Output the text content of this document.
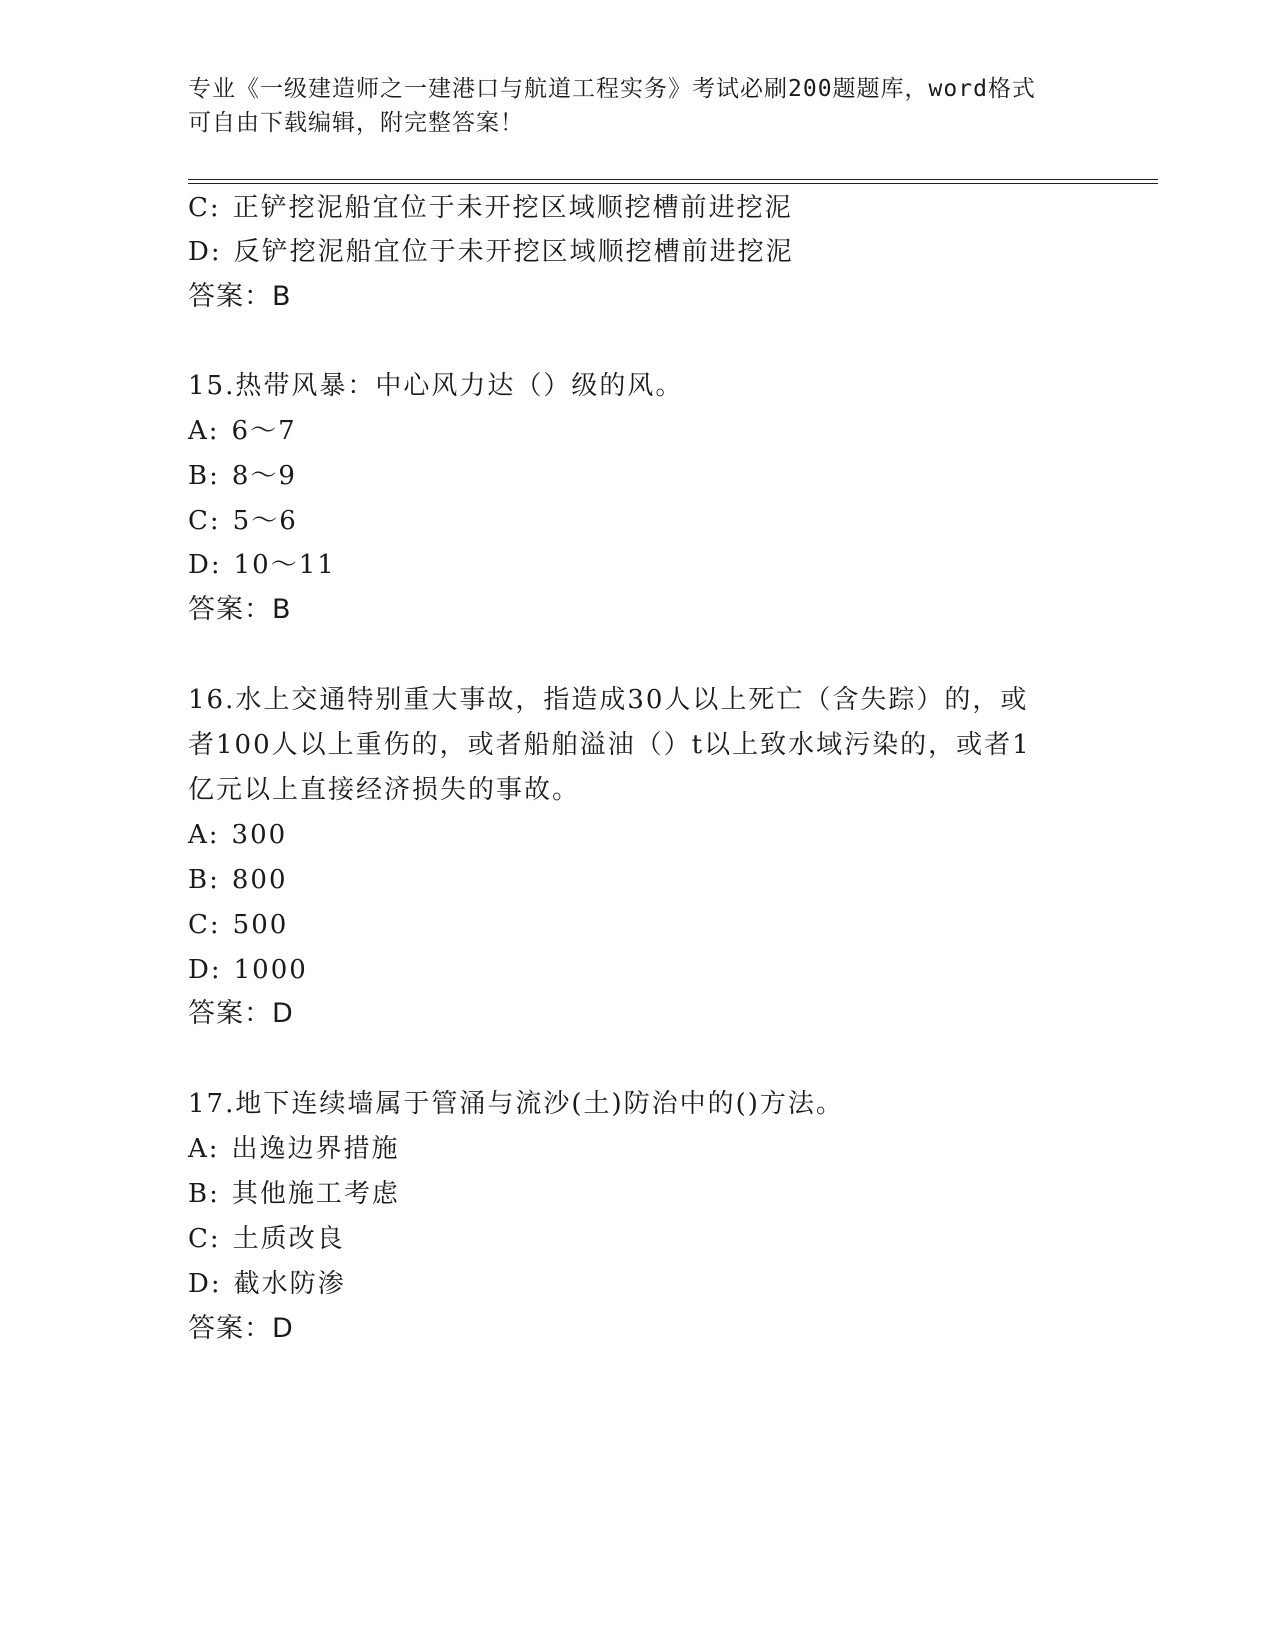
专业《一级建造师之一建港口与航道工程实务》考试必刷200题题库，word格式
可自由下载编辑，附完整答案！
C: 正铲挖泥船宜位于未开挖区域顺挖槽前进挖泥
D: 反铲挖泥船宜位于未开挖区域顺挖槽前进挖泥
答案：B
15.热带风暴：中心风力达（）级的风。
A: 6～7
B: 8～9
C: 5～6
D: 10～11
答案：B
16.水上交通特别重大事故，指造成30人以上死亡（含失踪）的，或
者100人以上重伤的，或者船舶溢油（）t以上致水域污染的，或者1
亿元以上直接经济损失的事故。
A: 300
B: 800
C: 500
D: 1000
答案：D
17.地下连续墙属于管涌与流沙(土)防治中的()方法。
A: 出逸边界措施
B: 其他施工考虑
C: 土质改良
D: 截水防渗
答案：D
